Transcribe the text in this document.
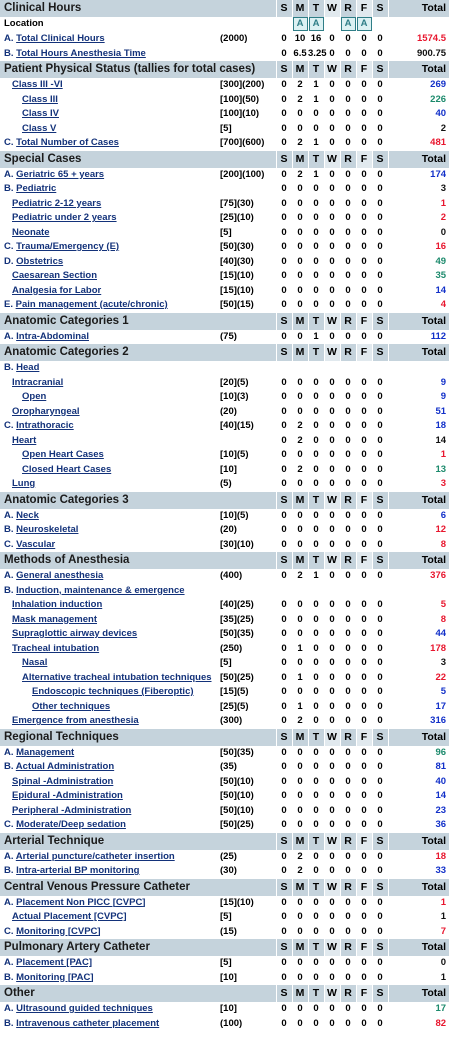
Clinical Hours		S	M	T	W	R	F	S	Total
Location			A	A		A	A		
A. Total Clinical Hours	(2000)	0	10	16	0	0	0	0	1574.5
B. Total Hours Anesthesia Time		0	6.5	3.25	0	0	0	0	900.75
Patient Physical Status (tallies for total cases)		S	M	T	W	R	F	S	Total
Class III -VI	[300](200)	0	2	1	0	0	0	0	269
Class III	[100](50)	0	2	1	0	0	0	0	226
Class IV	[100](10)	0	0	0	0	0	0	0	40
Class V	[5]	0	0	0	0	0	0	0	2
C. Total Number of Cases	[700](600)	0	2	1	0	0	0	0	481
Special Cases		S	M	T	W	R	F	S	Total
A. Geriatric 65 + years	[200](100)	0	2	1	0	0	0	0	174
B. Pediatric		0	0	0	0	0	0	0	3
Pediatric 2-12 years	[75](30)	0	0	0	0	0	0	0	1
Pediatric under 2 years	[25](10)	0	0	0	0	0	0	0	2
Neonate	[5]	0	0	0	0	0	0	0	0
C. Trauma/Emergency (E)	[50](30)	0	0	0	0	0	0	0	16
D. Obstetrics	[40](30)	0	0	0	0	0	0	0	49
Caesarean Section	[15](10)	0	0	0	0	0	0	0	35
Analgesia for Labor	[15](10)	0	0	0	0	0	0	0	14
E. Pain management (acute/chronic)	[50](15)	0	0	0	0	0	0	0	4
Anatomic Categories 1		S	M	T	W	R	F	S	Total
A. Intra-Abdominal	(75)	0	0	1	0	0	0	0	112
Anatomic Categories 2		S	M	T	W	R	F	S	Total
B. Head									
Intracranial	[20](5)	0	0	0	0	0	0	0	9
Open	[10](3)	0	0	0	0	0	0	0	9
Oropharyngeal	(20)	0	0	0	0	0	0	0	51
C. Intrathoracic	[40](15)	0	2	0	0	0	0	0	18
Heart		0	2	0	0	0	0	0	14
Open Heart Cases	[10](5)	0	0	0	0	0	0	0	1
Closed Heart Cases	[10]	0	2	0	0	0	0	0	13
Lung	(5)	0	0	0	0	0	0	0	3
Anatomic Categories 3		S	M	T	W	R	F	S	Total
A. Neck	[10](5)	0	0	0	0	0	0	0	6
B. Neuroskeletal	(20)	0	0	0	0	0	0	0	12
C. Vascular	[30](10)	0	0	0	0	0	0	0	8
Methods of Anesthesia		S	M	T	W	R	F	S	Total
A. General anesthesia	(400)	0	2	1	0	0	0	0	376
B. Induction, maintenance & emergence									
Inhalation induction	[40](25)	0	0	0	0	0	0	0	5
Mask management	[35](25)	0	0	0	0	0	0	0	8
Supraglottic airway devices	[50](35)	0	0	0	0	0	0	0	44
Tracheal intubation	(250)	0	1	0	0	0	0	0	178
Nasal	[5]	0	0	0	0	0	0	0	3
Alternative tracheal intubation techniques	[50](25)	0	1	0	0	0	0	0	22
Endoscopic techniques (Fiberoptic)	[15](5)	0	0	0	0	0	0	0	5
Other techniques	[25](5)	0	1	0	0	0	0	0	17
Emergence from anesthesia	(300)	0	2	0	0	0	0	0	316
Regional Techniques		S	M	T	W	R	F	S	Total
A. Management	[50](35)	0	0	0	0	0	0	0	96
B. Actual Administration	(35)	0	0	0	0	0	0	0	81
Spinal -Administration	[50](10)	0	0	0	0	0	0	0	40
Epidural -Administration	[50](10)	0	0	0	0	0	0	0	14
Peripheral -Administration	[50](10)	0	0	0	0	0	0	0	23
C. Moderate/Deep sedation	[50](25)	0	0	0	0	0	0	0	36
Arterial Technique		S	M	T	W	R	F	S	Total
A. Arterial puncture/catheter insertion	(25)	0	2	0	0	0	0	0	18
B. Intra-arterial BP monitoring	(30)	0	2	0	0	0	0	0	33
Central Venous Pressure Catheter		S	M	T	W	R	F	S	Total
A. Placement Non PICC [CVPC]	[15](10)	0	0	0	0	0	0	0	1
Actual Placement [CVPC]	[5]	0	0	0	0	0	0	0	1
C. Monitoring [CVPC]	(15)	0	0	0	0	0	0	0	7
Pulmonary Artery Catheter		S	M	T	W	R	F	S	Total
A. Placement [PAC]	[5]	0	0	0	0	0	0	0	0
B. Monitoring [PAC]	[10]	0	0	0	0	0	0	0	1
Other		S	M	T	W	R	F	S	Total
A. Ultrasound guided techniques	[10]	0	0	0	0	0	0	0	17
B. Intravenous catheter placement	(100)	0	0	0	0	0	0	0	82
